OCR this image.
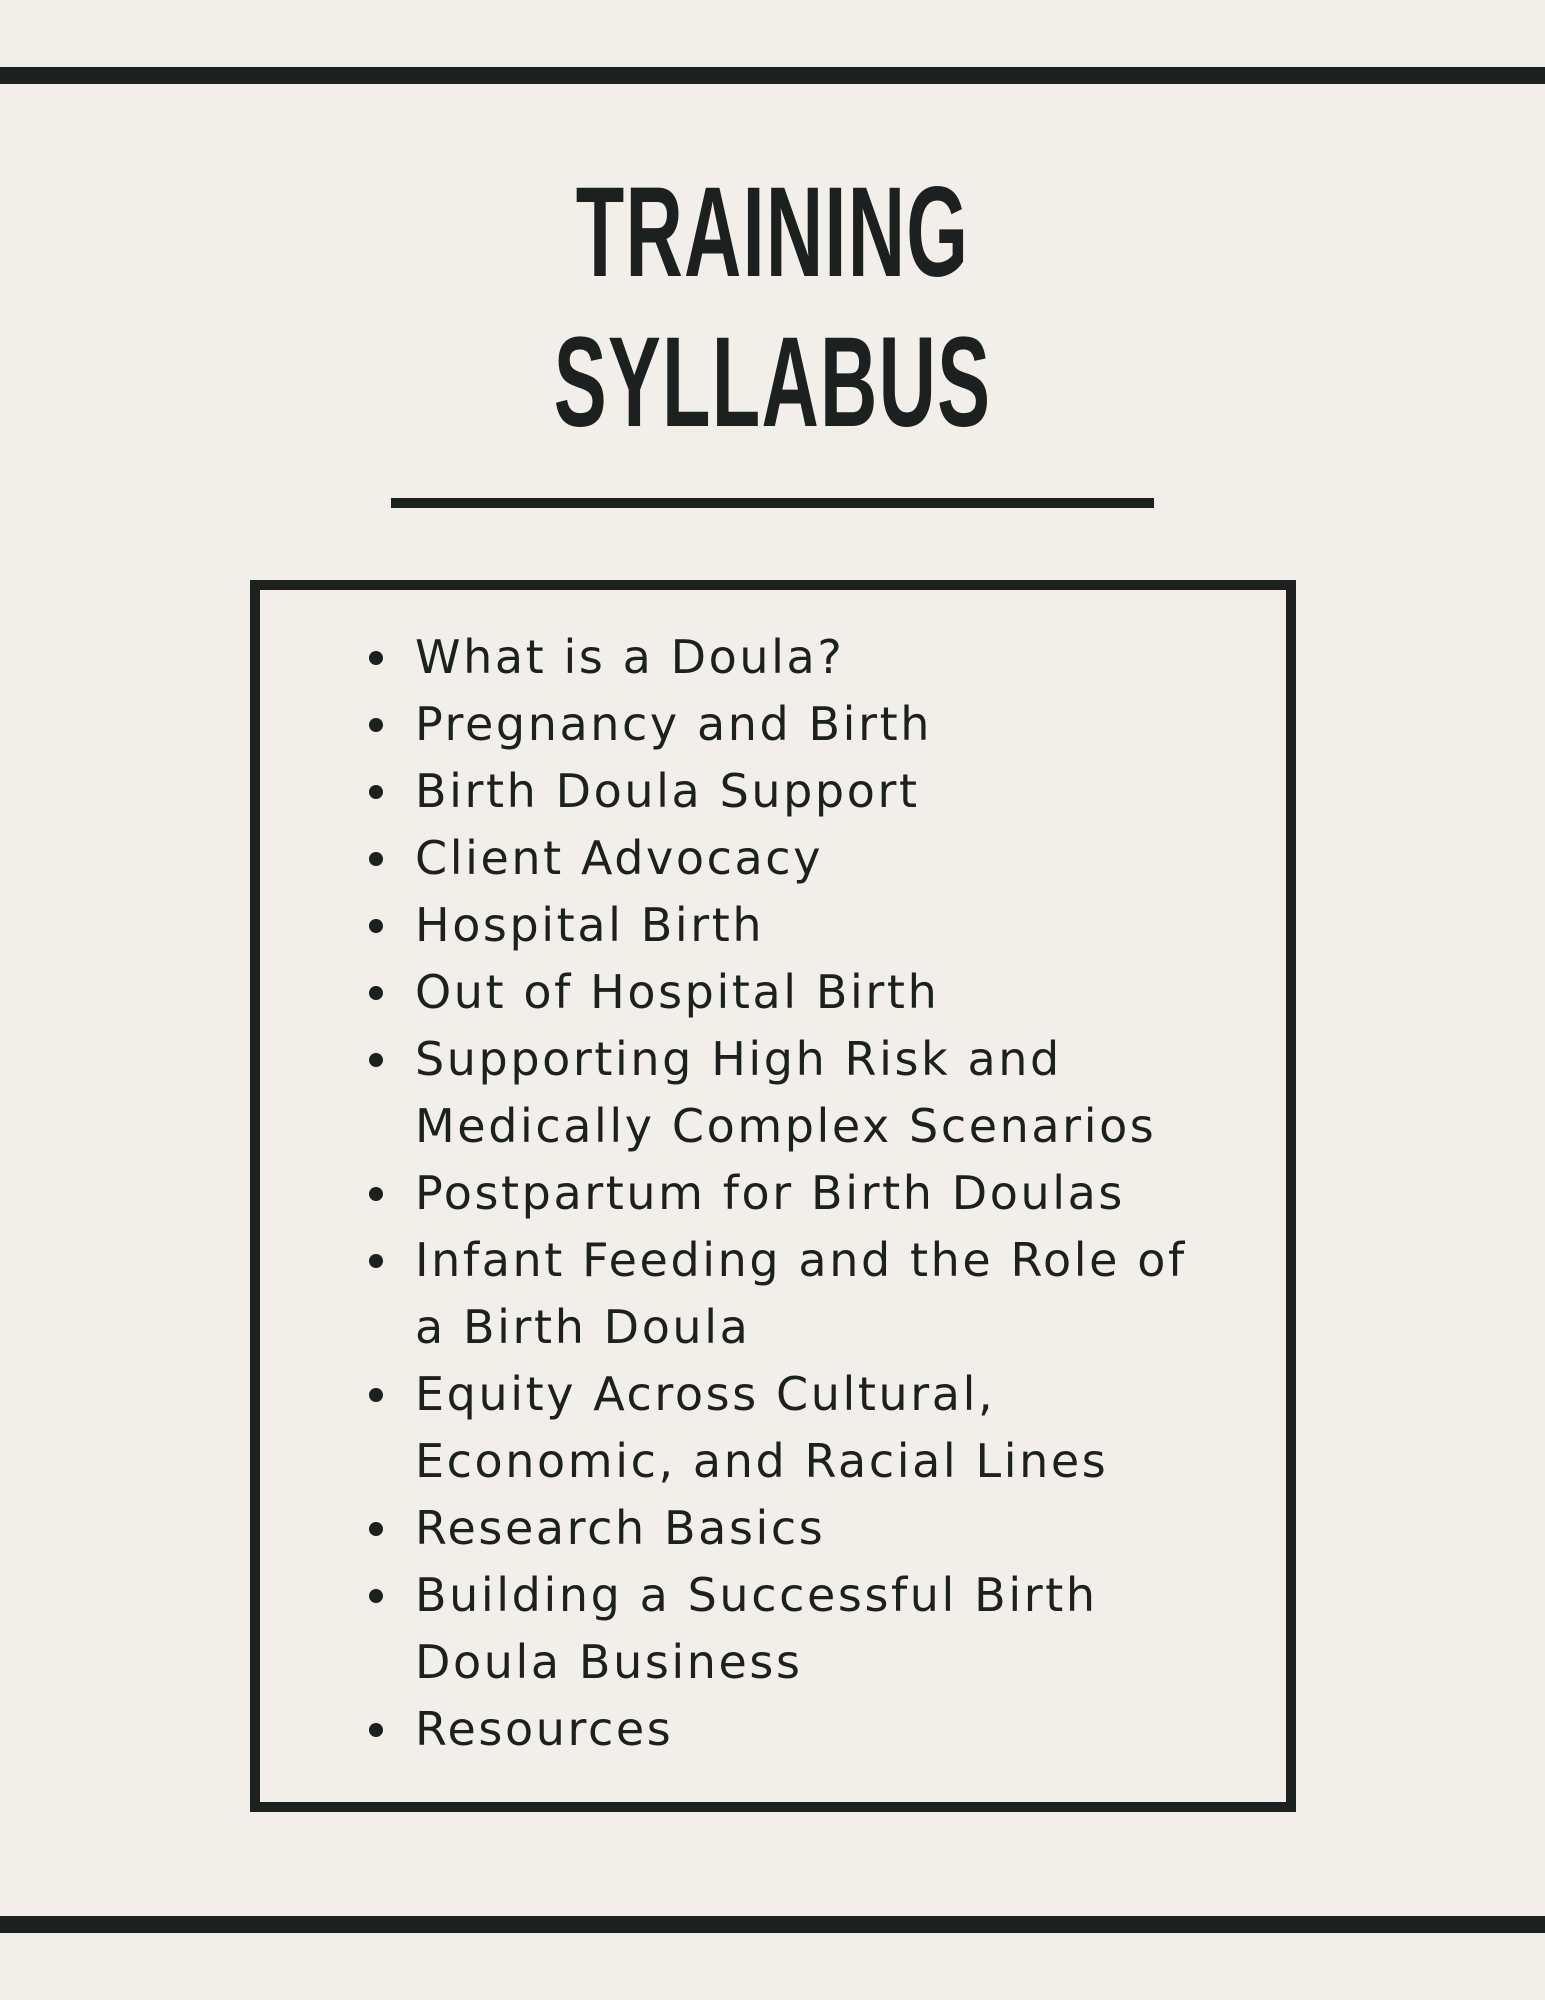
TRAINING
SYLLABUS
What is a Doula?
Pregnancy and Birth
Birth Doula Support
Client Advocacy
Hospital Birth
Out of Hospital Birth
Supporting High Risk and
Medically Complex Scenarios
Postpartum for Birth Doulas
Infant Feeding and the Role of
a Birth Doula
Equity Across Cultural,
Economic, and Racial Lines
Research Basics
Building a Successful Birth
Doula Business
Resources
